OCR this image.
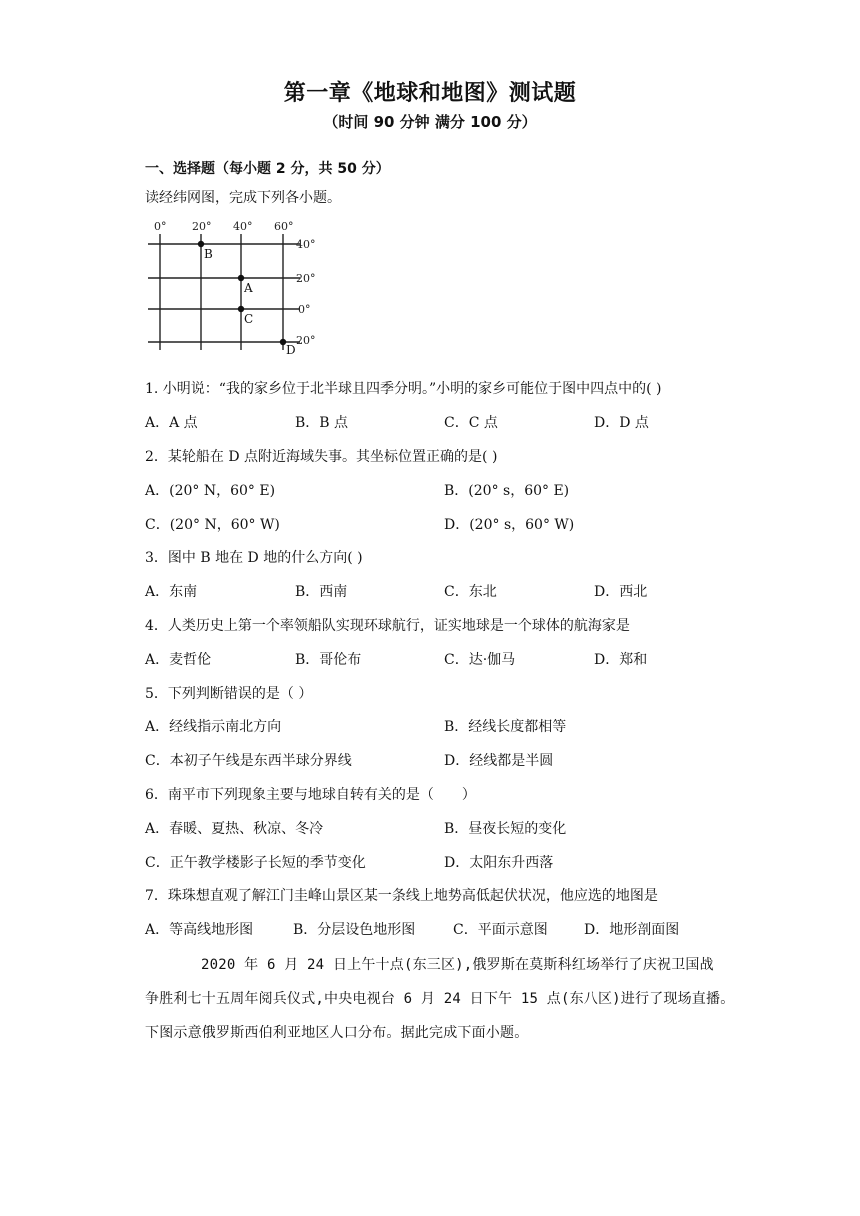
第一章《地球和地图》测试题
（时间 90 分钟 满分 100 分）
一、选择题（每小题 2 分，共 50 分）
读经纬网图，完成下列各小题。
0° 20° 40° 60°
40°
20°
0°
20°
B
A
C
D
1. 小明说：“我的家乡位于北半球且四季分明。”小明的家乡可能位于图中四点中的( )
A．A 点	B．B 点	C．C 点	D．D 点
2．某轮船在 D 点附近海域失事。其坐标位置正确的是( )
A．(20° N，60° E)	B．(20° s，60° E)
C．(20° N，60° W)	D．(20° s，60° W)
3．图中 B 地在 D 地的什么方向( )
A．东南	B．西南	C．东北	D．西北
4．人类历史上第一个率领船队实现环球航行，证实地球是一个球体的航海家是
A．麦哲伦	B．哥伦布	C．达·伽马	D．郑和
5．下列判断错误的是（ ）
A．经线指示南北方向	B．经线长度都相等
C．本初子午线是东西半球分界线	D．经线都是半圆
6．南平市下列现象主要与地球自转有关的是（　　）
A．春暖、夏热、秋凉、冬冷	B．昼夜长短的变化
C．正午教学楼影子长短的季节变化	D．太阳东升西落
7．珠珠想直观了解江门圭峰山景区某一条线上地势高低起伏状况，他应选的地图是
A．等高线地形图	B．分层设色地形图	C．平面示意图	D．地形剖面图
2020 年 6 月 24 日上午十点(东三区),俄罗斯在莫斯科红场举行了庆祝卫国战
争胜利七十五周年阅兵仪式,中央电视台 6 月 24 日下午 15 点(东八区)进行了现场直播。
下图示意俄罗斯西伯利亚地区人口分布。据此完成下面小题。
